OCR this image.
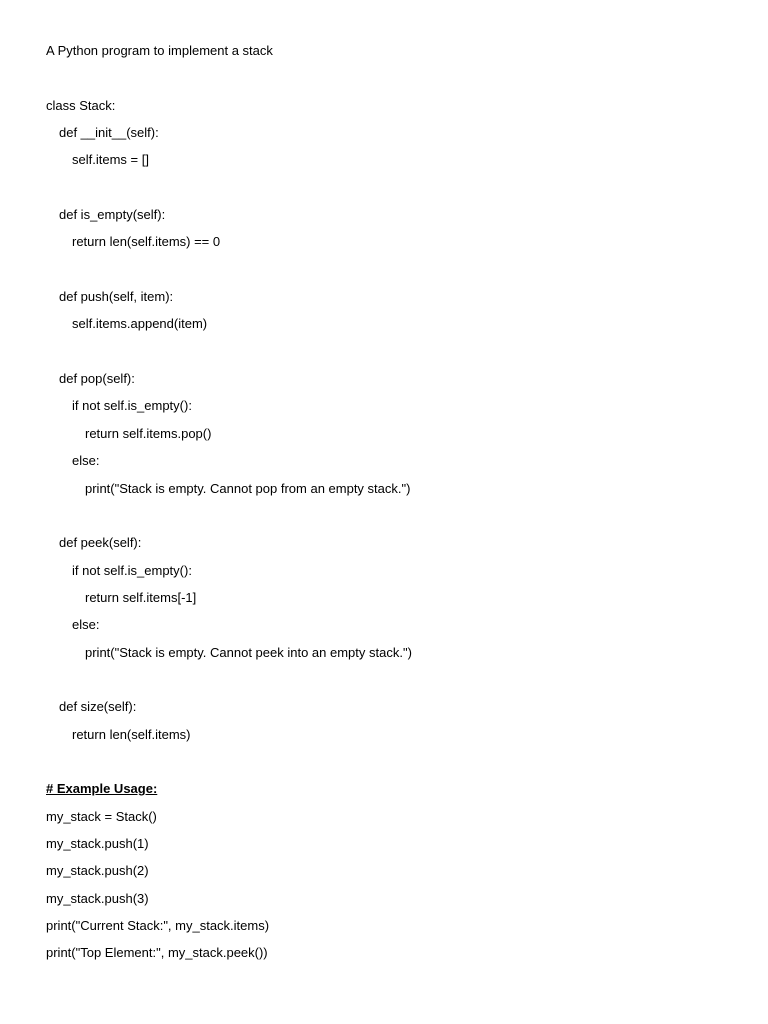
A Python program to implement a stack
class Stack:
def __init__(self):
self.items = []
def is_empty(self):
return len(self.items) == 0
def push(self, item):
self.items.append(item)
def pop(self):
if not self.is_empty():
return self.items.pop()
else:
print("Stack is empty. Cannot pop from an empty stack.")
def peek(self):
if not self.is_empty():
return self.items[-1]
else:
print("Stack is empty. Cannot peek into an empty stack.")
def size(self):
return len(self.items)
# Example Usage:
my_stack = Stack()
my_stack.push(1)
my_stack.push(2)
my_stack.push(3)
print("Current Stack:", my_stack.items)
print("Top Element:", my_stack.peek())
